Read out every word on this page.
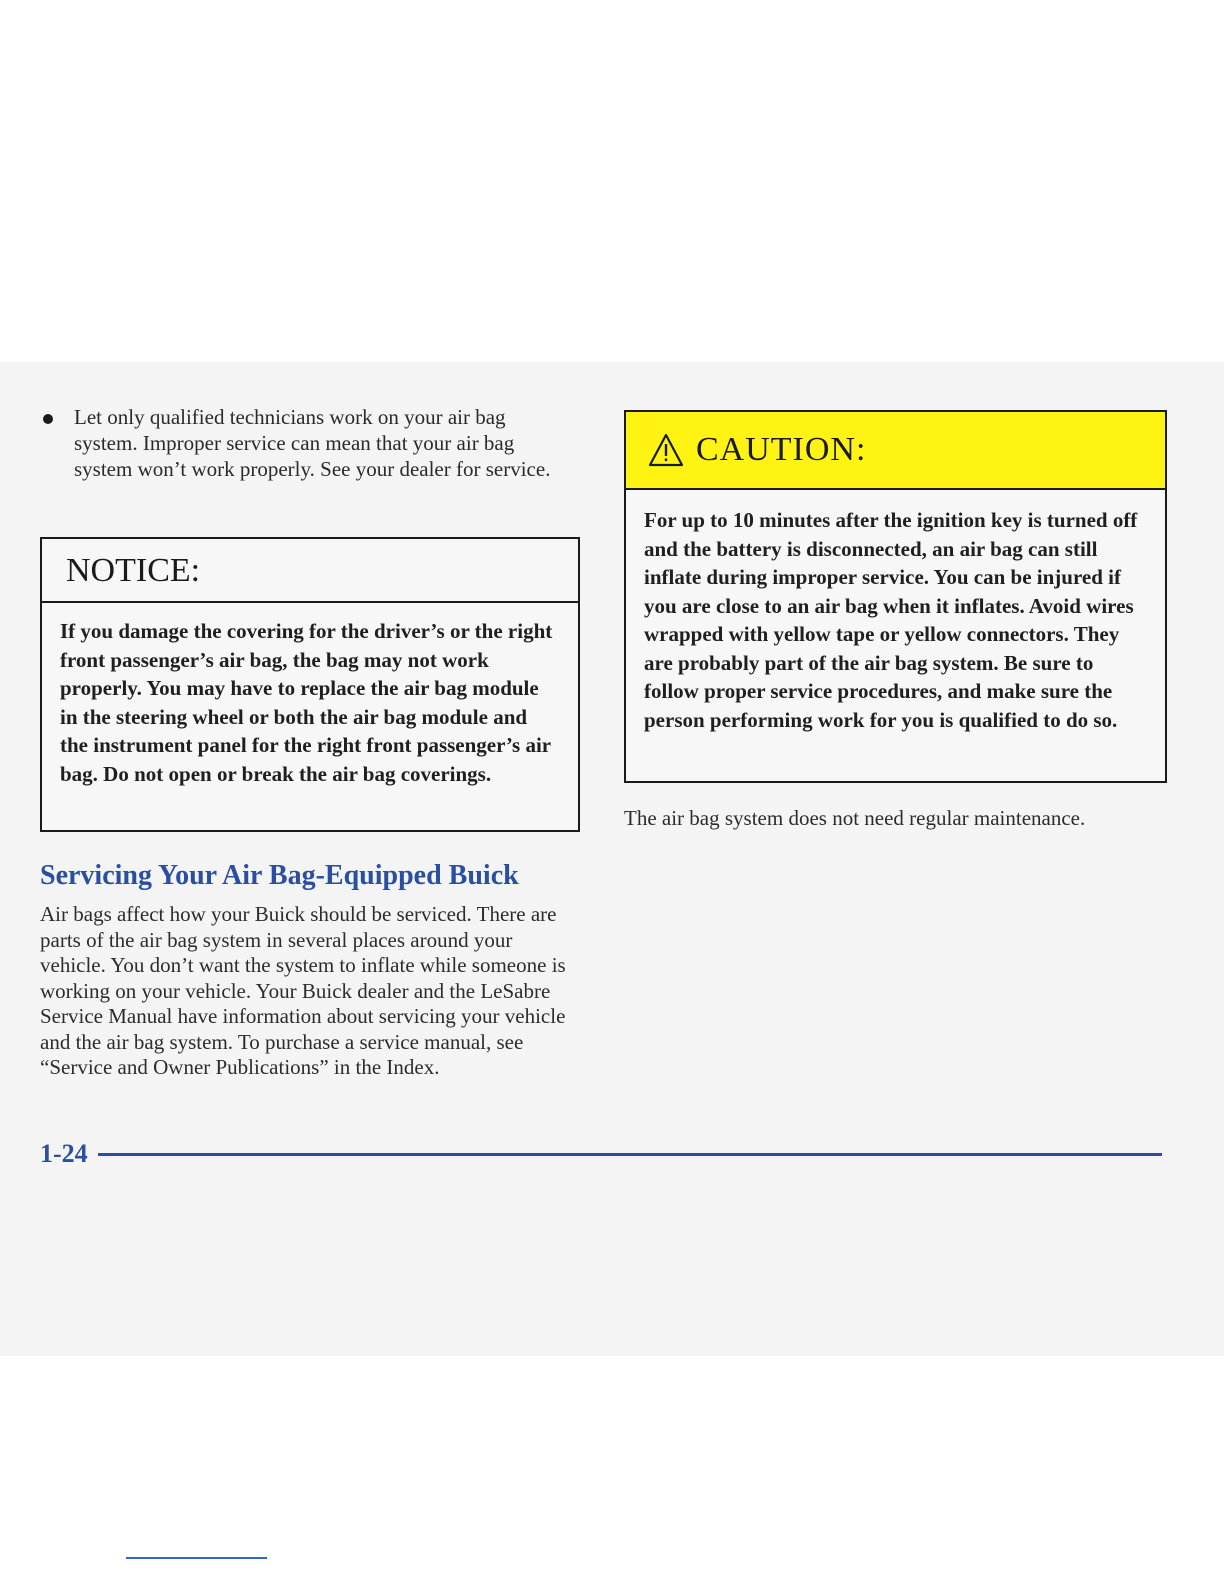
Let only qualified technicians work on your air bag system. Improper service can mean that your air bag system won’t work properly. See your dealer for service.
NOTICE:
If you damage the covering for the driver’s or the right front passenger’s air bag, the bag may not work properly. You may have to replace the air bag module in the steering wheel or both the air bag module and the instrument panel for the right front passenger’s air bag. Do not open or break the air bag coverings.
Servicing Your Air Bag-Equipped Buick
Air bags affect how your Buick should be serviced. There are parts of the air bag system in several places around your vehicle. You don’t want the system to inflate while someone is working on your vehicle. Your Buick dealer and the LeSabre Service Manual have information about servicing your vehicle and the air bag system. To purchase a service manual, see “Service and Owner Publications” in the Index.
CAUTION:
For up to 10 minutes after the ignition key is turned off and the battery is disconnected, an air bag can still inflate during improper service. You can be injured if you are close to an air bag when it inflates. Avoid wires wrapped with yellow tape or yellow connectors. They are probably part of the air bag system. Be sure to follow proper service procedures, and make sure the person performing work for you is qualified to do so.
The air bag system does not need regular maintenance.
1-24
